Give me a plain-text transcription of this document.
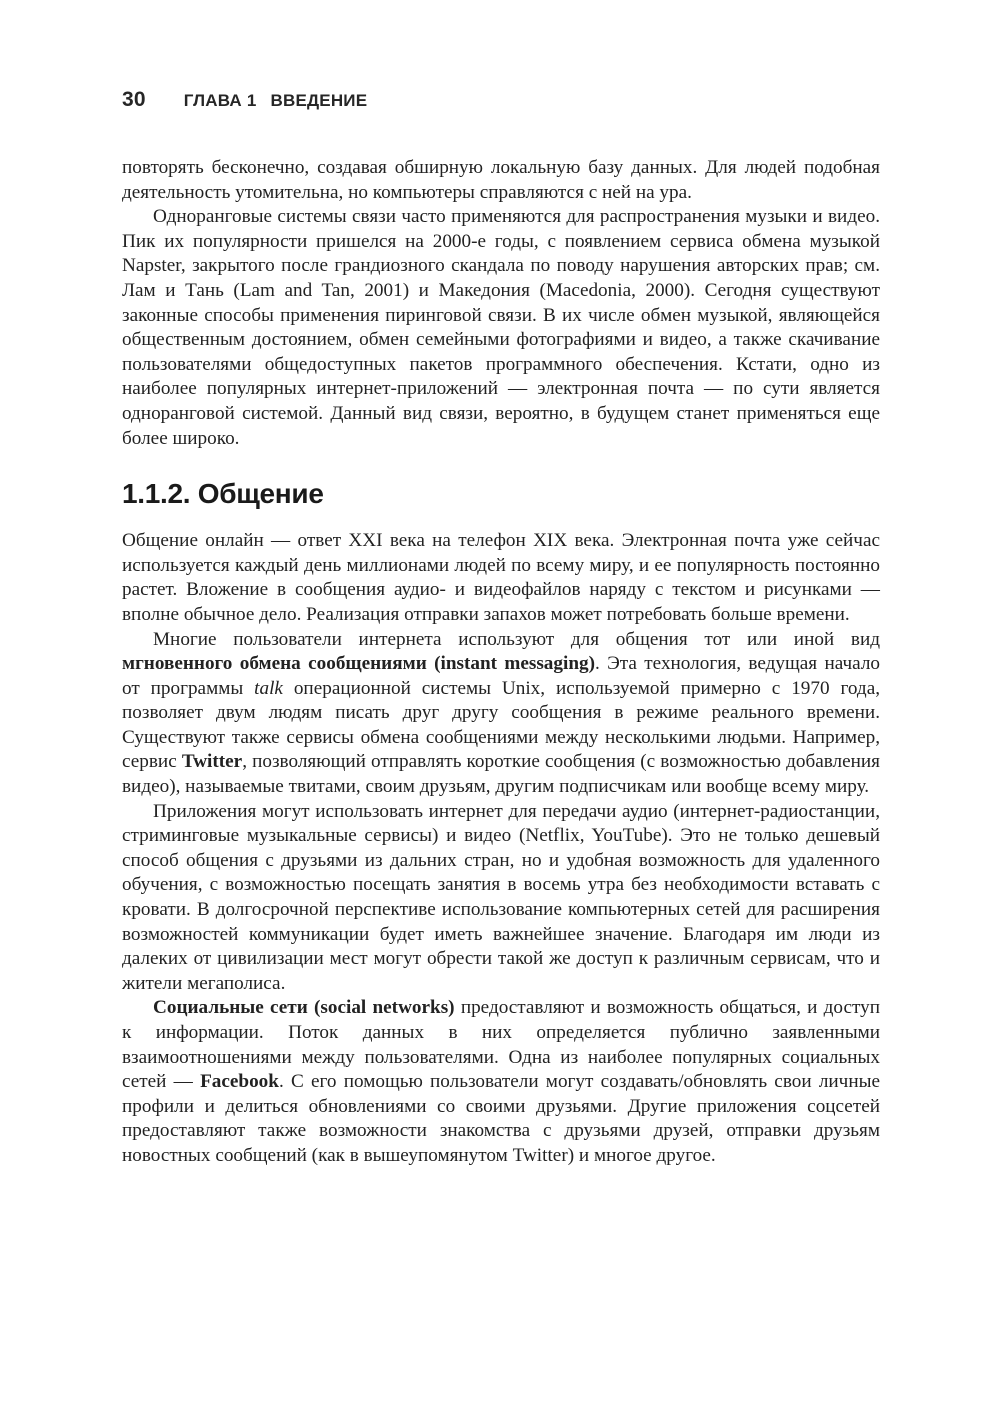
30 ГЛАВА 1 ВВЕДЕНИЕ

повторять бесконечно, создавая обширную локальную базу данных. Для людей подобная деятельность утомительна, но компьютеры справляются с ней на ура.

Одноранговые системы связи часто применяются для распространения музыки и видео. Пик их популярности пришелся на 2000-е годы, с появлением сервиса обмена музыкой Napster, закрытого после грандиозного скандала по поводу нарушения авторских прав; см. Лам и Тань (Lam and Tan, 2001) и Македония (Macedonia, 2000). Сегодня существуют законные способы применения пиринговой связи. В их числе обмен музыкой, являющейся общественным достоянием, обмен семейными фотографиями и видео, а также скачивание пользователями общедоступных пакетов программного обеспечения. Кстати, одно из наиболее популярных интернет-приложений — электронная почта — по сути является одноранговой системой. Данный вид связи, вероятно, в будущем станет применяться еще более широко.

1.1.2. Общение

Общение онлайн — ответ XXI века на телефон XIX века. Электронная почта уже сейчас используется каждый день миллионами людей по всему миру, и ее популярность постоянно растет. Вложение в сообщения аудио- и видеофайлов наряду с текстом и рисунками — вполне обычное дело. Реализация отправки запахов может потребовать больше времени.

Многие пользователи интернета используют для общения тот или иной вид мгновенного обмена сообщениями (instant messaging). Эта технология, ведущая начало от программы talk операционной системы Unix, используемой примерно с 1970 года, позволяет двум людям писать друг другу сообщения в режиме реального времени. Существуют также сервисы обмена сообщениями между несколькими людьми. Например, сервис Twitter, позволяющий отправлять короткие сообщения (с возможностью добавления видео), называемые твитами, своим друзьям, другим подписчикам или вообще всему миру.

Приложения могут использовать интернет для передачи аудио (интернет-радиостанции, стриминговые музыкальные сервисы) и видео (Netflix, YouTube). Это не только дешевый способ общения с друзьями из дальних стран, но и удобная возможность для удаленного обучения, с возможностью посещать занятия в восемь утра без необходимости вставать с кровати. В долгосрочной перспективе использование компьютерных сетей для расширения возможностей коммуникации будет иметь важнейшее значение. Благодаря им люди из далеких от цивилизации мест могут обрести такой же доступ к различным сервисам, что и жители мегаполиса.

Социальные сети (social networks) предоставляют и возможность общаться, и доступ к информации. Поток данных в них определяется публично заявленными взаимоотношениями между пользователями. Одна из наиболее популярных социальных сетей — Facebook. С его помощью пользователи могут создавать/обновлять свои личные профили и делиться обновлениями со своими друзьями. Другие приложения соцсетей предоставляют также возможности знакомства с друзьями друзей, отправки друзьям новостных сообщений (как в вышеупомянутом Twitter) и многое другое.
